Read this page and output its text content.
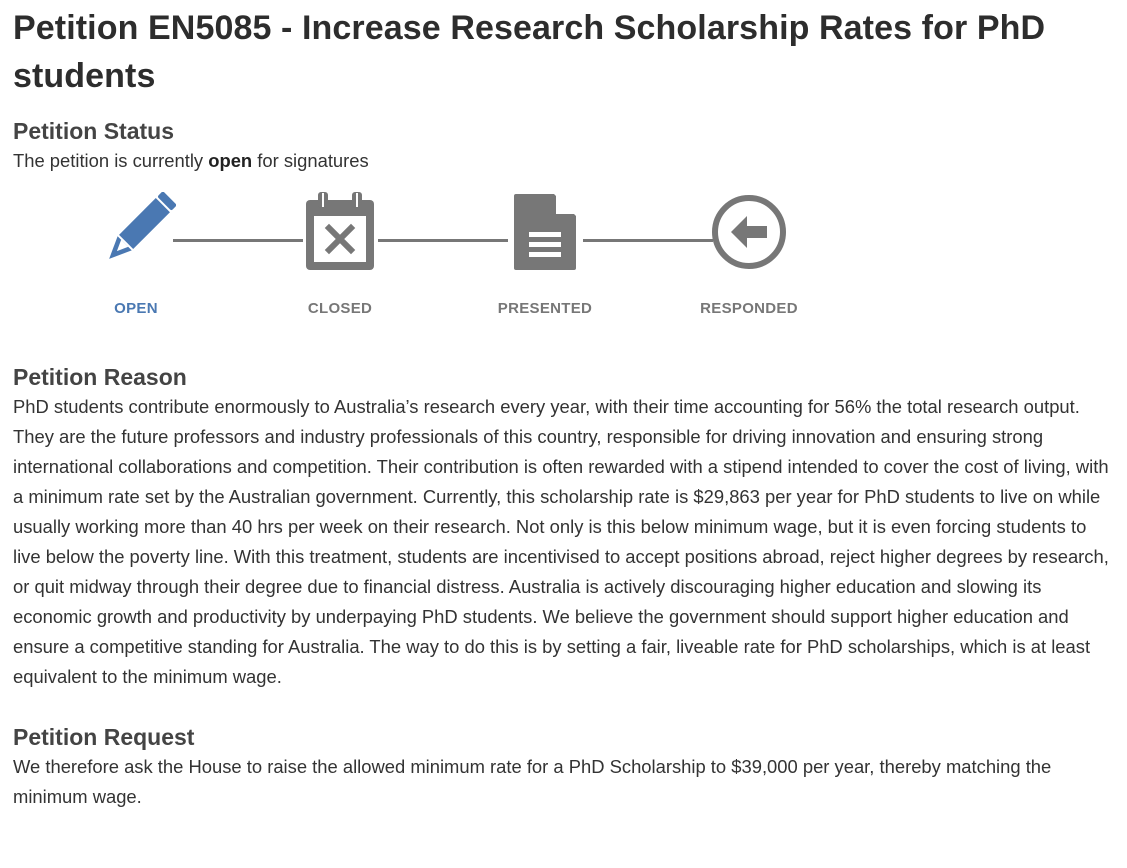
Petition EN5085 - Increase Research Scholarship Rates for PhD students
Petition Status

The petition is currently open for signatures

OPEN	CLOSED	PRESENTED	RESPONDED
Petition Reason

PhD students contribute enormously to Australia’s research every year, with their time accounting for 56% the total research output. They are the future professors and industry professionals of this country, responsible for driving innovation and ensuring strong international collaborations and competition. Their contribution is often rewarded with a stipend intended to cover the cost of living, with a minimum rate set by the Australian government. Currently, this scholarship rate is $29,863 per year for PhD students to live on while usually working more than 40 hrs per week on their research. Not only is this below minimum wage, but it is even forcing students to live below the poverty line. With this treatment, students are incentivised to accept positions abroad, reject higher degrees by research, or quit midway through their degree due to financial distress. Australia is actively discouraging higher education and slowing its economic growth and productivity by underpaying PhD students. We believe the government should support higher education and ensure a competitive standing for Australia. The way to do this is by setting a fair, liveable rate for PhD scholarships, which is at least equivalent to the minimum wage.

Petition Request

We therefore ask the House to raise the allowed minimum rate for a PhD Scholarship to $39,000 per year, thereby matching the minimum wage.
